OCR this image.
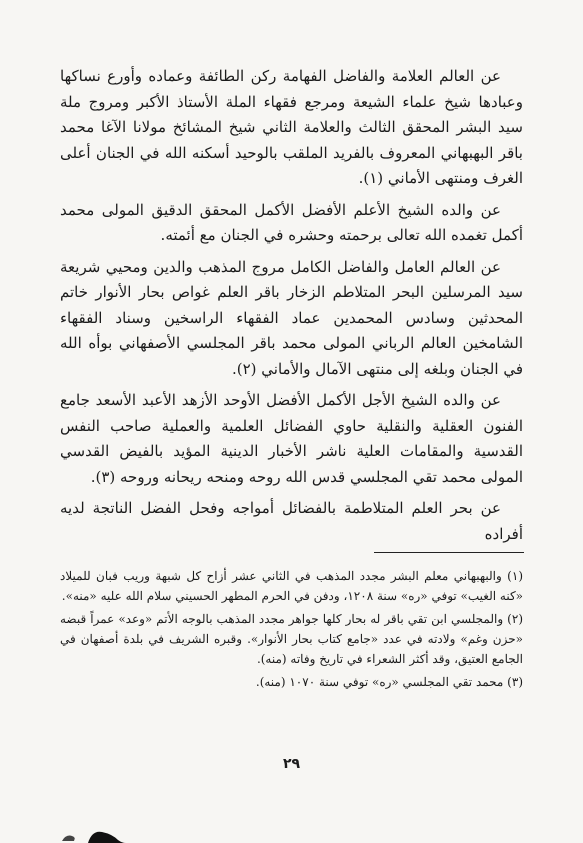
عن العالم العلامة والفاضل الفهامة ركن الطائفة وعماده وأورع نساكها وعبادها شيخ علماء الشيعة ومرجع فقهاء الملة الأستاذ الأكبر ومروج ملة سيد البشر المحقق الثالث والعلامة الثاني شيخ المشائخ مولانا الآغا محمد باقر البهبهاني المعروف بالفريد الملقب بالوحيد أسكنه الله في الجنان أعلى الغرف ومنتهى الأماني (١).

عن والده الشيخ الأعلم الأفضل الأكمل المحقق الدقيق المولى محمد أكمل تغمده الله تعالى برحمته وحشره في الجنان مع أئمته.

عن العالم العامل والفاضل الكامل مروج المذهب والدين ومحيي شريعة سيد المرسلين البحر المتلاطم الزخار باقر العلم غواص بحار الأنوار خاتم المحدثين وسادس المحمدين عماد الفقهاء الراسخين وسناد الفقهاء الشامخين العالم الرباني المولى محمد باقر المجلسي الأصفهاني بوأه الله في الجنان وبلغه إلى منتهى الآمال والأماني (٢).

عن والده الشيخ الأجل الأكمل الأفضل الأوحد الأزهد الأعبد الأسعد جامع الفنون العقلية والنقلية حاوي الفضائل العلمية والعملية صاحب النفس القدسية والمقامات العلية ناشر الأخبار الدينية المؤيد بالفيض القدسي المولى محمد تقي المجلسي قدس الله روحه ومنحه ريحانه وروحه (٣).

عن بحر العلم المتلاطمة بالفضائل أمواجه وفحل الفضل الناتجة لديه أفراده

(١) والبهبهاني معلم البشر مجدد المذهب في الثاني عشر أزاح كل شبهة وريب فبان للميلاد «كنه الغيب» توفي «ره» سنة ١٢٠٨، ودفن في الحرم المطهر الحسيني سلام الله عليه «منه».

(٢) والمجلسي ابن تقي باقر له بحار كلها جواهر مجدد المذهب بالوجه الأتم «وعد» عمراً قبضه «حزن وغم» ولادته في عدد «جامع كتاب بحار الأنوار». وقبره الشريف في بلدة أصفهان في الجامع العتيق، وقد أكثر الشعراء في تاريخ وفاته (منه).

(٣) محمد تقي المجلسي «ره» توفي سنة ١٠٧٠ (منه).

٢٩
